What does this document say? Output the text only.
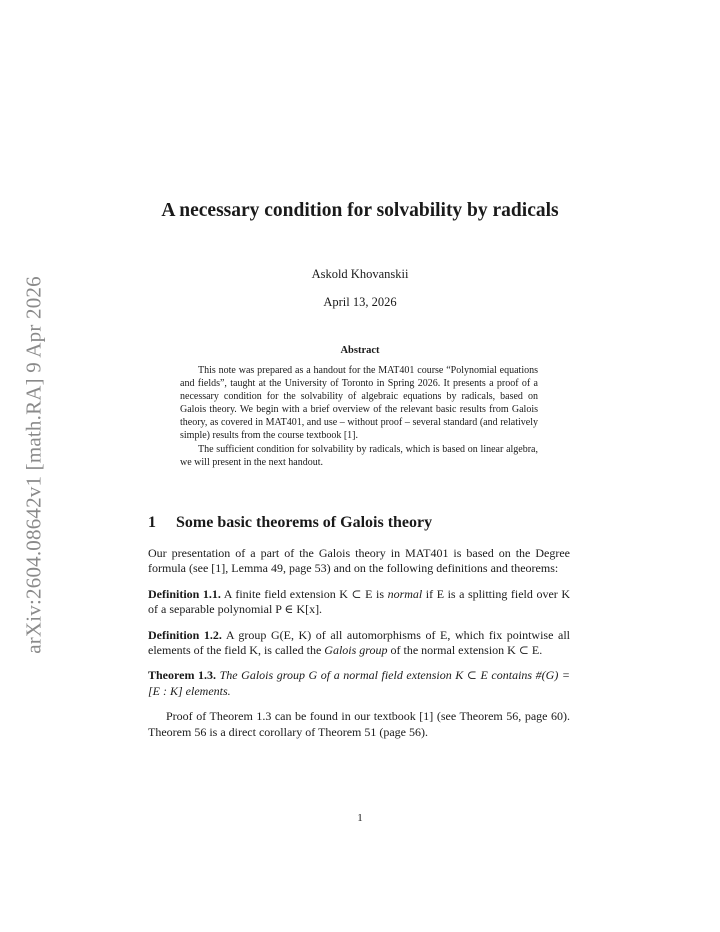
arXiv:2604.08642v1 [math.RA] 9 Apr 2026
A necessary condition for solvability by radicals
Askold Khovanskii
April 13, 2026
Abstract

This note was prepared as a handout for the MAT401 course “Polynomial equations and fields”, taught at the University of Toronto in Spring 2026. It presents a proof of a necessary condition for the solvability of algebraic equations by radicals, based on Galois theory. We begin with a brief overview of the relevant basic results from Galois theory, as covered in MAT401, and use – without proof – several standard (and relatively simple) results from the course textbook [1].

The sufficient condition for solvability by radicals, which is based on linear algebra, we will present in the next handout.

1 Some basic theorems of Galois theory

Our presentation of a part of the Galois theory in MAT401 is based on the Degree formula (see [1], Lemma 49, page 53) and on the following definitions and theorems:

Definition 1.1. A finite field extension K ⊂ E is normal if E is a splitting field over K of a separable polynomial P ∈ K[x].

Definition 1.2. A group G(E, K) of all automorphisms of E, which fix pointwise all elements of the field K, is called the Galois group of the normal extension K ⊂ E.

Theorem 1.3. The Galois group G of a normal field extension K ⊂ E contains #(G) = [E : K] elements.

Proof of Theorem 1.3 can be found in our textbook [1] (see Theorem 56, page 60). Theorem 56 is a direct corollary of Theorem 51 (page 56).

1
